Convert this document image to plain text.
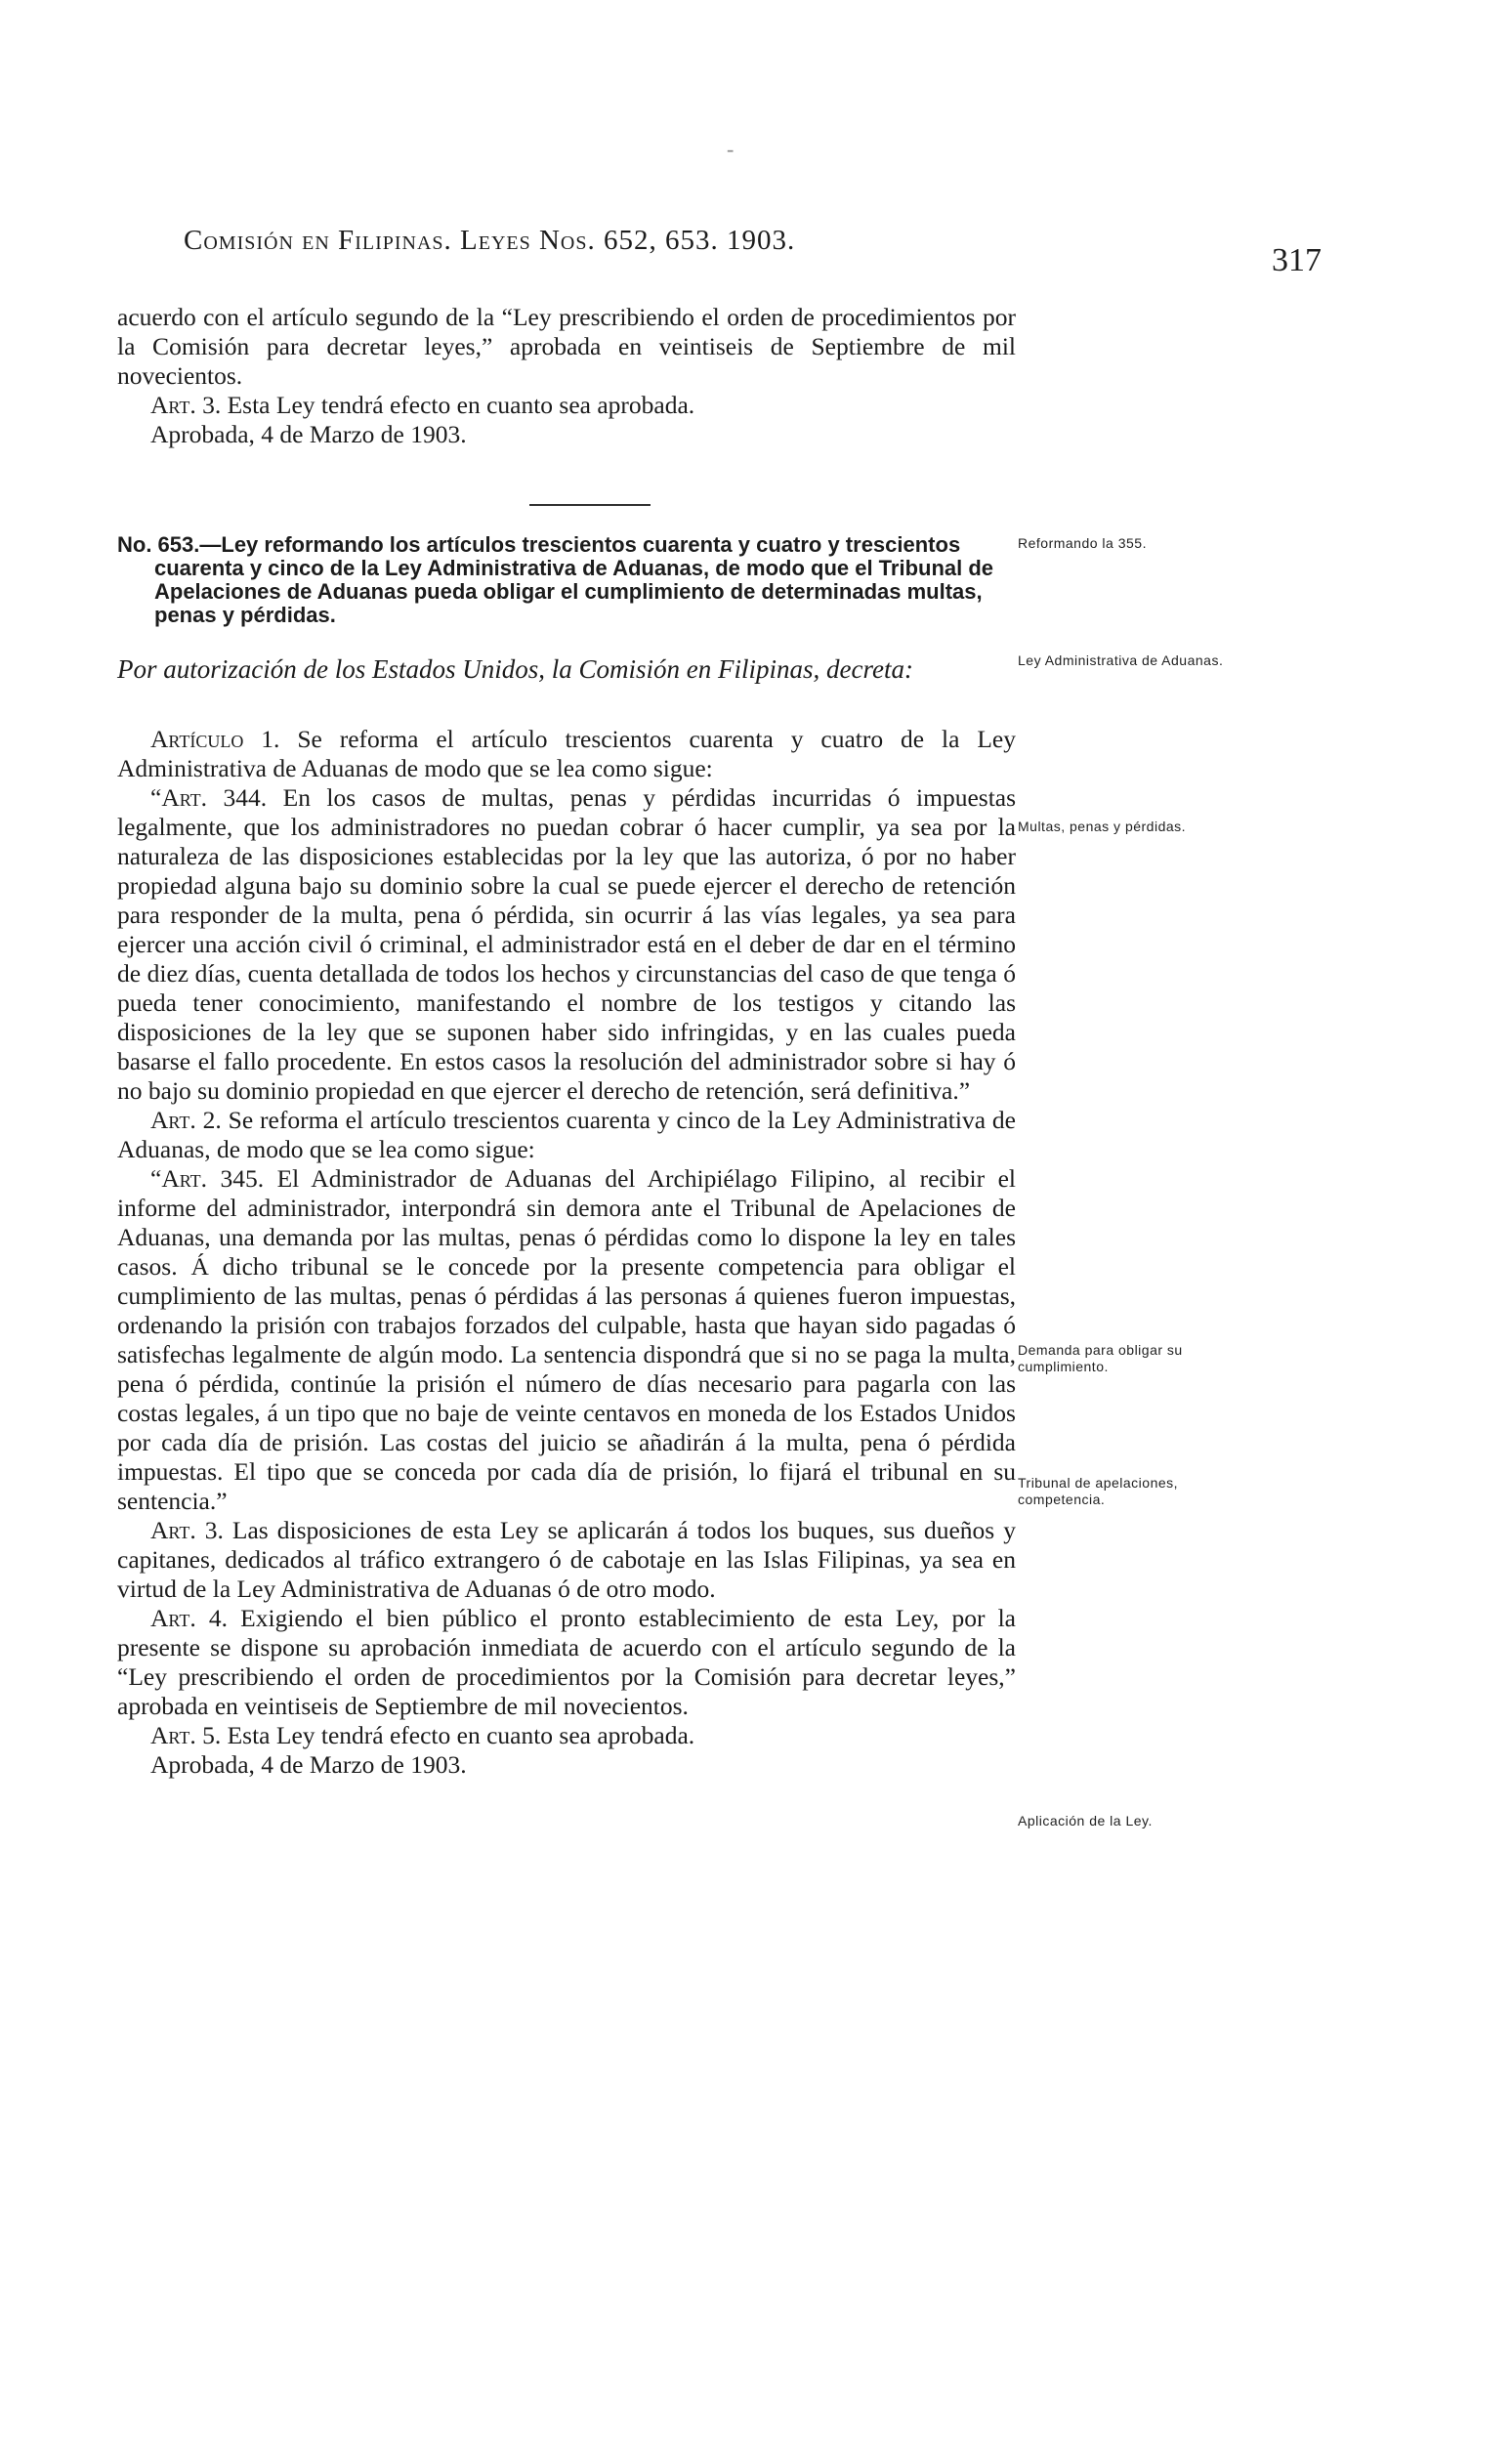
‑
Comisión en Filipinas. Leyes Nos. 652, 653. 1903.
317

acuerdo con el artículo segundo de la “Ley prescribiendo el orden de procedimientos por la Comisión para decretar leyes,” aprobada en veintiseis de Septiembre de mil novecientos.

Art. 3. Esta Ley tendrá efecto en cuanto sea aprobada.

Aprobada, 4 de Marzo de 1903.

No. 653.—Ley reformando los artículos trescientos cuarenta y cuatro y trescientos cuarenta y cinco de la Ley Administrativa de Aduanas, de modo que el Tribunal de Apelaciones de Aduanas pueda obligar el cumplimiento de determinadas multas, penas y pérdidas.

Por autorización de los Estados Unidos, la Comisión en Filipinas, decreta:

Artículo 1. Se reforma el artículo trescientos cuarenta y cuatro de la Ley Administrativa de Aduanas de modo que se lea como sigue:

“Art. 344. En los casos de multas, penas y pérdidas incurridas ó impuestas legalmente, que los administradores no puedan cobrar ó hacer cumplir, ya sea por la naturaleza de las disposiciones establecidas por la ley que las autoriza, ó por no haber propiedad alguna bajo su dominio sobre la cual se puede ejercer el derecho de retención para responder de la multa, pena ó pérdida, sin ocurrir á las vías legales, ya sea para ejercer una acción civil ó criminal, el administrador está en el deber de dar en el término de diez días, cuenta detallada de todos los hechos y circunstancias del caso de que tenga ó pueda tener conocimiento, manifestando el nombre de los testigos y citando las disposiciones de la ley que se suponen haber sido infringidas, y en las cuales pueda basarse el fallo procedente. En estos casos la resolución del administrador sobre si hay ó no bajo su dominio propiedad en que ejercer el derecho de retención, será definitiva.”

Art. 2. Se reforma el artículo trescientos cuarenta y cinco de la Ley Administrativa de Aduanas, de modo que se lea como sigue:

“Art. 345. El Administrador de Aduanas del Archipiélago Filipino, al recibir el informe del administrador, interpondrá sin demora ante el Tribunal de Apelaciones de Aduanas, una demanda por las multas, penas ó pérdidas como lo dispone la ley en tales casos. Á dicho tribunal se le concede por la presente competencia para obligar el cumplimiento de las multas, penas ó pérdidas á las personas á quienes fueron impuestas, ordenando la prisión con trabajos forzados del culpable, hasta que hayan sido pagadas ó satisfechas legalmente de algún modo. La sentencia dispondrá que si no se paga la multa, pena ó pérdida, continúe la prisión el número de días necesario para pagarla con las costas legales, á un tipo que no baje de veinte centavos en moneda de los Estados Unidos por cada día de prisión. Las costas del juicio se añadirán á la multa, pena ó pérdida impuestas. El tipo que se conceda por cada día de prisión, lo fijará el tribunal en su sentencia.”

Art. 3. Las disposiciones de esta Ley se aplicarán á todos los buques, sus dueños y capitanes, dedicados al tráfico extrangero ó de cabotaje en las Islas Filipinas, ya sea en virtud de la Ley Administrativa de Aduanas ó de otro modo.

Art. 4. Exigiendo el bien público el pronto establecimiento de esta Ley, por la presente se dispone su aprobación inmediata de acuerdo con el artículo segundo de la “Ley prescribiendo el orden de procedimientos por la Comisión para decretar leyes,” aprobada en veintiseis de Septiembre de mil novecientos.

Art. 5. Esta Ley tendrá efecto en cuanto sea aprobada.

Aprobada, 4 de Marzo de 1903.

Reformando la 355.
Ley Administrativa de Aduanas.
Multas, penas y pérdidas.
Demanda para obligar su cumplimiento.
Tribunal de apelaciones, competencia.
Aplicación de la Ley.
